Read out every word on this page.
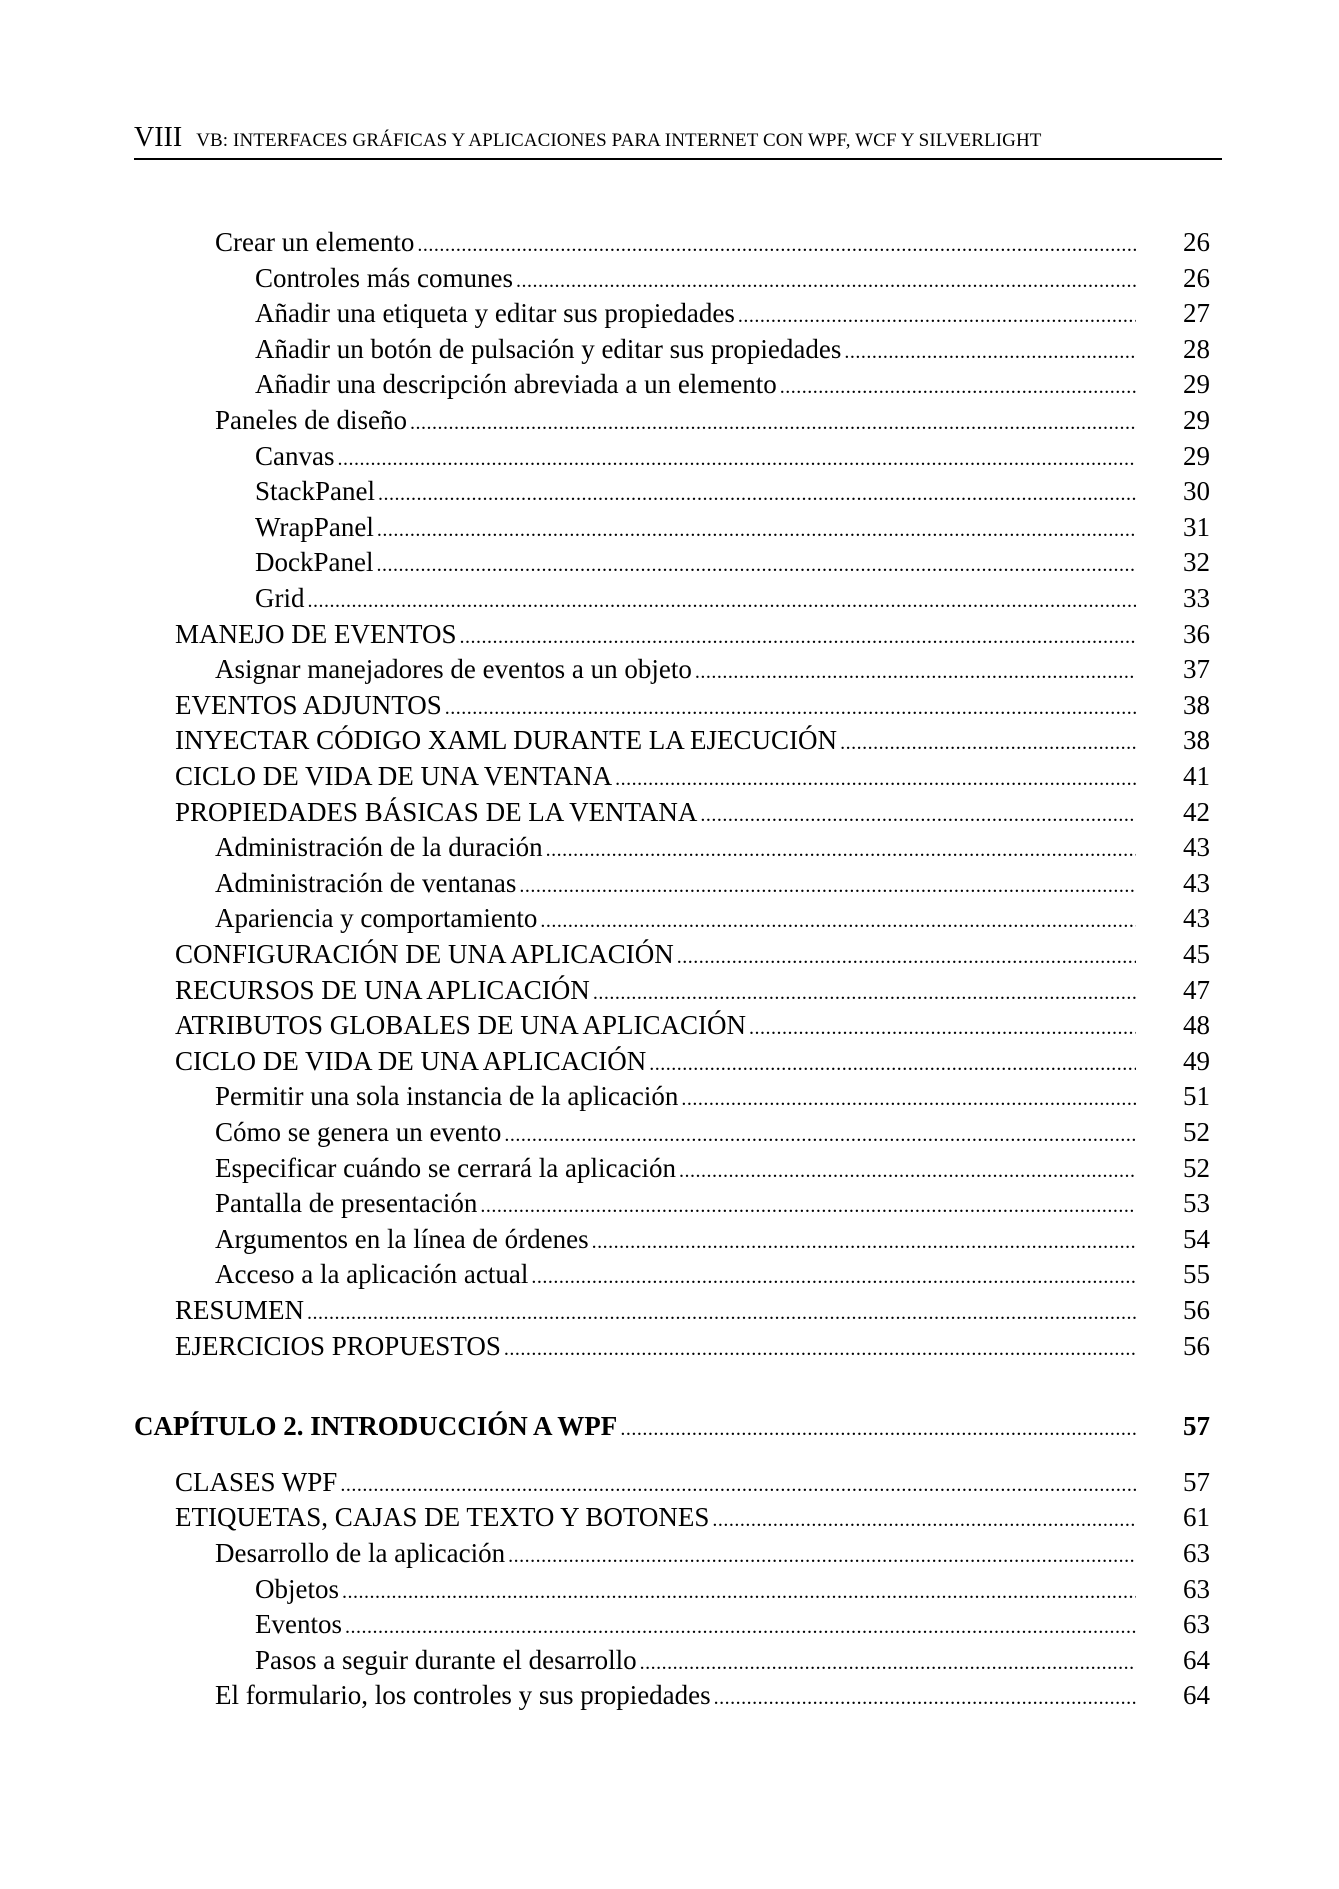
VIII VB: INTERFACES GRÁFICAS Y APLICACIONES PARA INTERNET CON WPF, WCF Y SILVERLIGHT
Crear un elemento .....	26
Controles más comunes .....	26
Añadir una etiqueta y editar sus propiedades .....	27
Añadir un botón de pulsación y editar sus propiedades .....	28
Añadir una descripción abreviada a un elemento .....	29
Paneles de diseño .....	29
Canvas .....	29
StackPanel .....	30
WrapPanel .....	31
DockPanel .....	32
Grid .....	33
MANEJO DE EVENTOS .....	36
Asignar manejadores de eventos a un objeto .....	37
EVENTOS ADJUNTOS .....	38
INYECTAR CÓDIGO XAML DURANTE LA EJECUCIÓN .....	38
CICLO DE VIDA DE UNA VENTANA .....	41
PROPIEDADES BÁSICAS DE LA VENTANA .....	42
Administración de la duración .....	43
Administración de ventanas .....	43
Apariencia y comportamiento .....	43
CONFIGURACIÓN DE UNA APLICACIÓN .....	45
RECURSOS DE UNA APLICACIÓN .....	47
ATRIBUTOS GLOBALES DE UNA APLICACIÓN .....	48
CICLO DE VIDA DE UNA APLICACIÓN .....	49
Permitir una sola instancia de la aplicación .....	51
Cómo se genera un evento .....	52
Especificar cuándo se cerrará la aplicación .....	52
Pantalla de presentación .....	53
Argumentos en la línea de órdenes .....	54
Acceso a la aplicación actual .....	55
RESUMEN .....	56
EJERCICIOS PROPUESTOS .....	56
CAPÍTULO 2. INTRODUCCIÓN A WPF .....	57
CLASES WPF .....	57
ETIQUETAS, CAJAS DE TEXTO Y BOTONES .....	61
Desarrollo de la aplicación .....	63
Objetos .....	63
Eventos .....	63
Pasos a seguir durante el desarrollo .....	64
El formulario, los controles y sus propiedades .....	64
